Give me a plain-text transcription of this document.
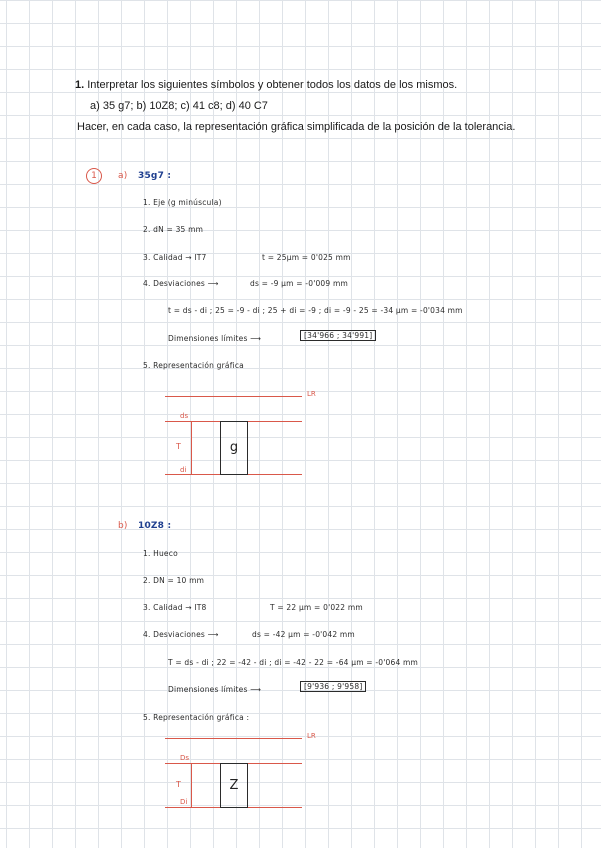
1. Interpretar los siguientes símbolos y obtener todos los datos de los mismos.
a) 35 g7; b) 10Z8; c) 41 c8; d) 40 C7
Hacer, en cada caso, la representación gráfica simplificada de la posición de la tolerancia.
1	a) 35g7 :
1. Eje (g minúscula)
2. dN = 35 mm
3. Calidad → IT7	t = 25μm = 0'025 mm
4. Desviaciones ⟶	ds = -9 μm = -0'009 mm
t = ds - di ; 25 = -9 - di ; 25 + di = -9 ; di = -9 - 25 = -34 μm = -0'034 mm
Dimensiones límites ⟶	[34'966 ; 34'991]
5. Representación gráfica
LR
ds
di
T	g
b) 10Z8 :
1. Hueco
2. DN = 10 mm
3. Calidad → IT8	T = 22 μm = 0'022 mm
4. Desviaciones ⟶	ds = -42 μm = -0'042 mm
T = ds - di ; 22 = -42 - di ; di = -42 - 22 = -64 μm = -0'064 mm
Dimensiones límites ⟶	[9'936 ; 9'958]
5. Representación gráfica :
LR
Ds
Di
T	Z
